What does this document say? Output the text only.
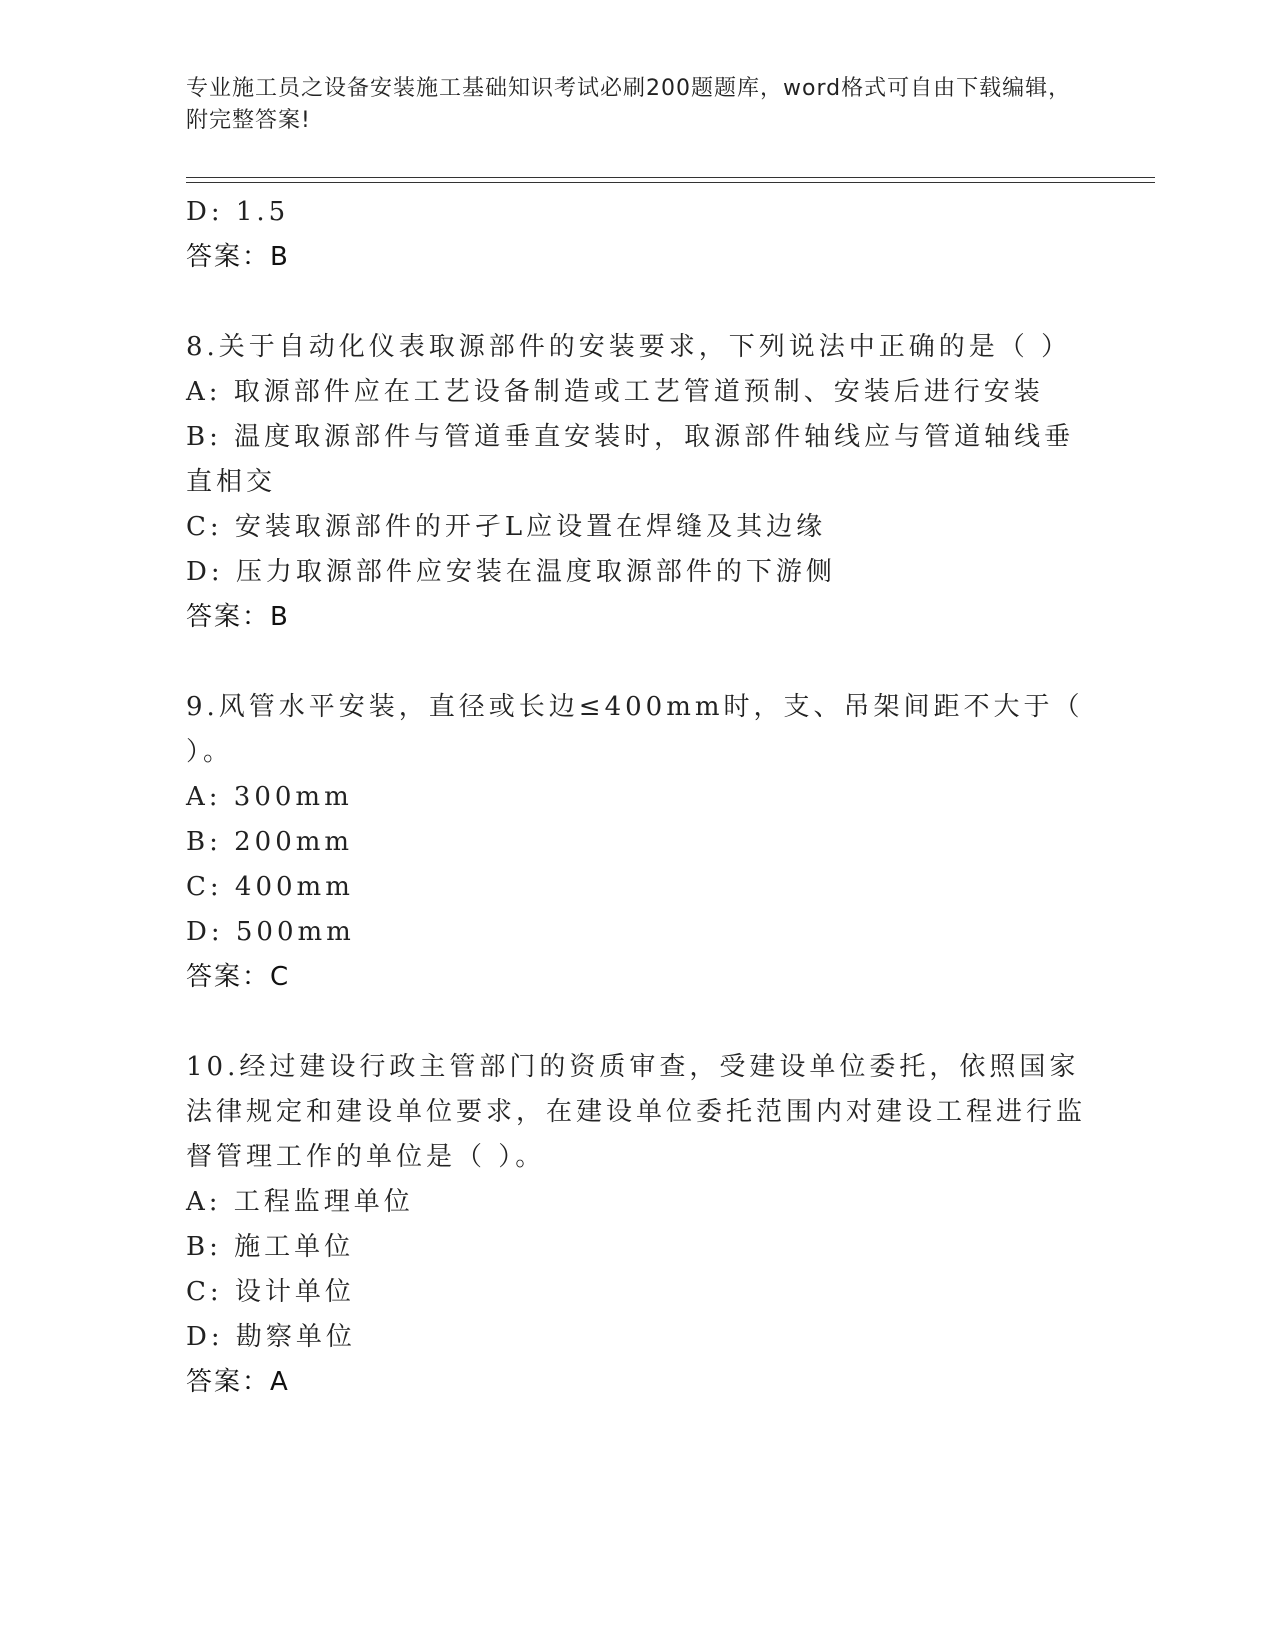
专业施工员之设备安装施工基础知识考试必刷200题题库，word格式可自由下载编辑，附完整答案!
D: 1.5
答案：B
8.关于自动化仪表取源部件的安装要求，下列说法中正确的是（ ）
A: 取源部件应在工艺设备制造或工艺管道预制、安装后进行安装
B: 温度取源部件与管道垂直安装时，取源部件轴线应与管道轴线垂直相交
C: 安装取源部件的开孑L应设置在焊缝及其边缘
D: 压力取源部件应安装在温度取源部件的下游侧
答案：B
9.风管水平安装，直径或长边≤400mm时，支、吊架间距不大于（ ）。
A: 300mm
B: 200mm
C: 400mm
D: 500mm
答案：C
10.经过建设行政主管部门的资质审查，受建设单位委托，依照国家法律规定和建设单位要求，在建设单位委托范围内对建设工程进行监督管理工作的单位是（ ）。
A: 工程监理单位
B: 施工单位
C: 设计单位
D: 勘察单位
答案：A
